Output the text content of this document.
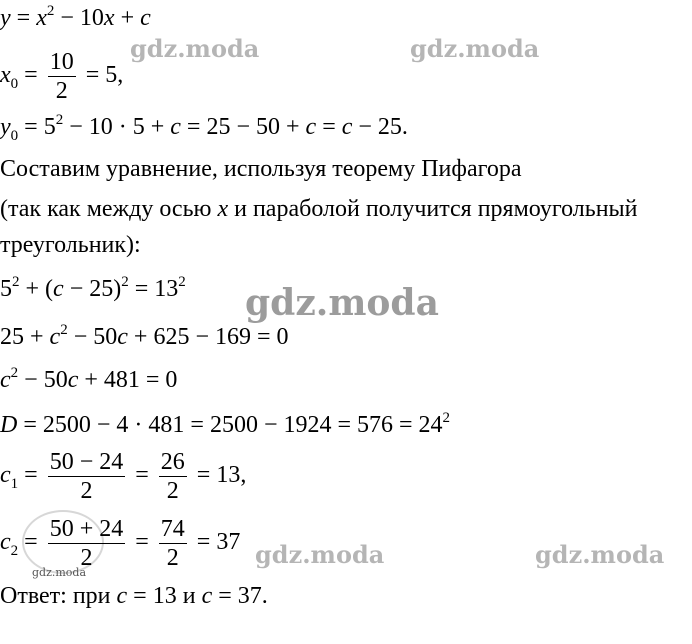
gdz.moda	gdz.moda
gdz.moda
gdz.moda	gdz.moda
gdz.moda
$y = x^2 - 10x + c$
$x_0 = \frac{10}{2} = 5$,
$y_0 = 5^2 - 10 \cdot 5 + c = 25 - 50 + c = c - 25$.
Составим уравнение, используя теорему Пифагора
(так как между осью x и параболой получится прямоугольный
треугольник):
$5^2 + (c - 25)^2 = 13^2$
$25 + c^2 - 50c + 625 - 169 = 0$
$c^2 - 50c + 481 = 0$
$D = 2500 - 4 \cdot 481 = 2500 - 1924 = 576 = 24^2$
$c_1 = \frac{50 - 24}{2} = \frac{26}{2} = 13$,
$c_2 = \frac{50 + 24}{2} = \frac{74}{2} = 37$
Ответ: при c = 13 и c = 37.
